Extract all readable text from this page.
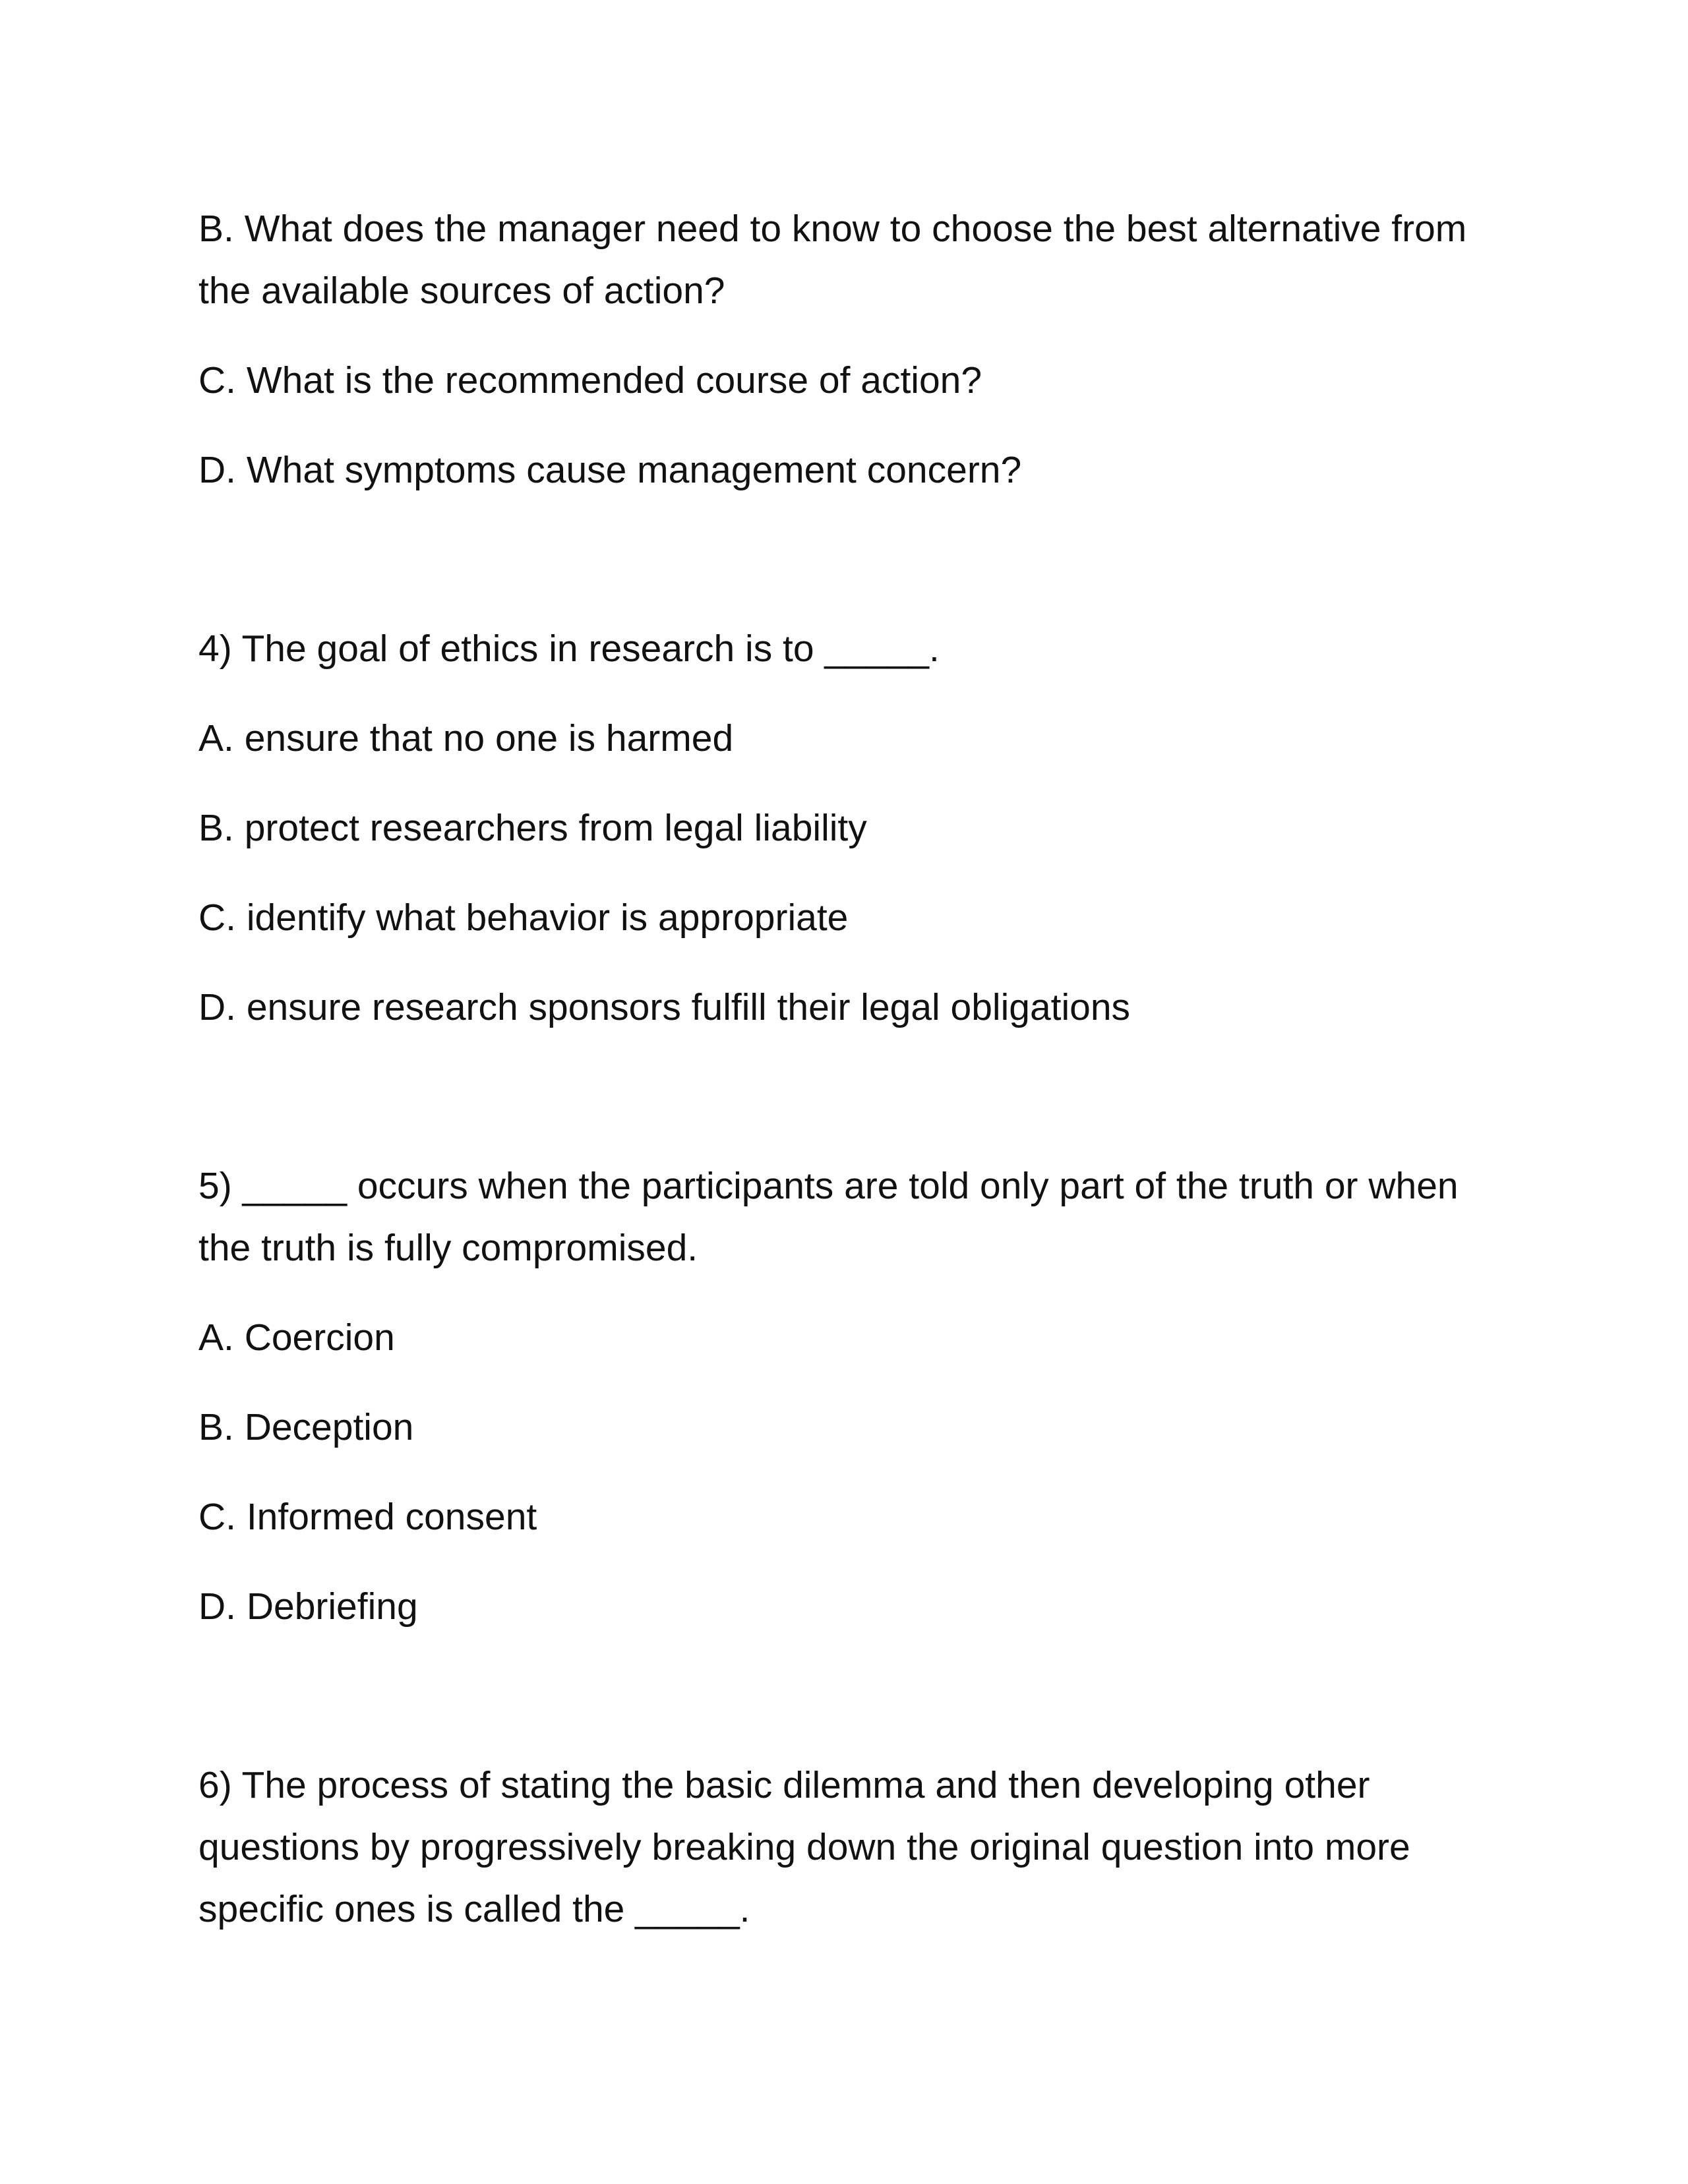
B. What does the manager need to know to choose the best alternative from the available sources of action?

C. What is the recommended course of action?

D. What symptoms cause management concern?

4) The goal of ethics in research is to _____.

A. ensure that no one is harmed

B. protect researchers from legal liability

C. identify what behavior is appropriate

D. ensure research sponsors fulfill their legal obligations

5) _____ occurs when the participants are told only part of the truth or when the truth is fully compromised.

A. Coercion

B. Deception

C. Informed consent

D. Debriefing

6) The process of stating the basic dilemma and then developing other questions by progressively breaking down the original question into more specific ones is called the _____.
